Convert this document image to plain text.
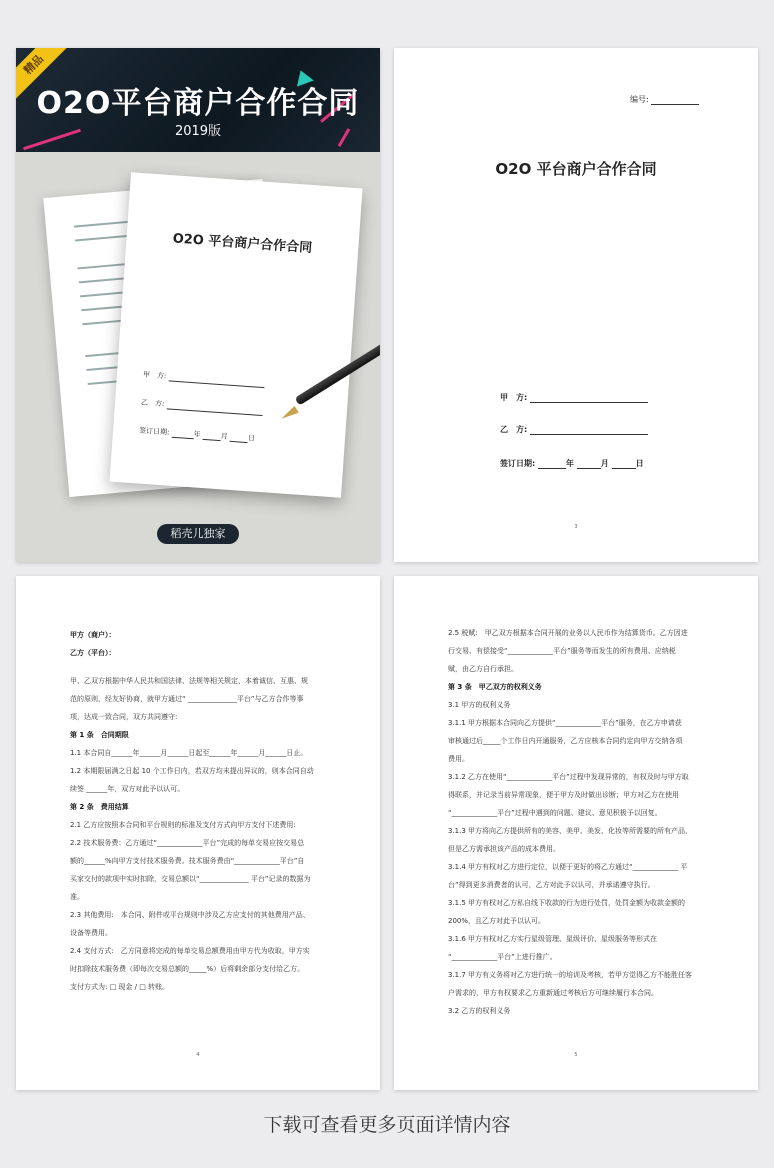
O2O平台商户合作合同
2019版
精品
O2O 平台商户合作合同
甲　方:
乙　方:
签订日期:	年	月	日
稻壳儿独家
编号:
O2O 平台商户合作合同
甲　方:
乙　方:
签订日期:	年	月	日
3

甲方（商户）：

乙方（平台）：

甲、乙双方根据中华人民共和国法律、法规等相关规定，本着诚信、互惠、规

范的原则，经友好协商，就甲方通过“ ______________平台”与乙方合作等事

项，达成一致合同，双方共同遵守:

第 1 条　合同期限

1.1 本合同自______年______月______日起至______年______月______日止。

1.2 本期限届满之日起 10 个工作日内，若双方均未提出异议的，则本合同自动

续签 ______年，双方对此予以认可。

第 2 条　费用结算

2.1 乙方应按照本合同和平台规则的标准及支付方式向甲方支付下述费用:

2.2 技术服务费：乙方通过“_____________平台”完成的每单交易应按交易总

额的______%向甲方支付技术服务费。技术服务费由“_____________平台”自

买家交付的款项中实时扣除，交易总额以“______________ 平台”记录的数据为

准。

2.3 其他费用:　本合同、附件或平台规则中涉及乙方应支付的其他费用产品、

设备等费用。

2.4 支付方式:　乙方同意将完成的每单交易总额费用由甲方代为收取，甲方实

时扣除技术服务费（即每次交易总额的_____%）后将剩余部分支付给乙方。

支付方式为: □ 现金 / □ 转账。

4

2.5 税赋:　甲乙双方根据本合同开展的业务以人民币作为结算货币。乙方因进

行交易、有偿接受“_____________平台”服务等而发生的所有费用、应纳税

赋，由乙方自行承担。

第 3 条　甲乙双方的权利义务

3.1 甲方的权利义务

3.1.1 甲方根据本合同向乙方提供“_____________平台”服务，在乙方申请获

审核通过后_____个工作日内开通服务，乙方应核本合同约定向甲方交纳各项

费用。

3.1.2 乙方在使用“_____________平台”过程中发现异常的，有权及时与甲方取

得联系，并记录当前异常现象，便于甲方及时做出诊断；甲方对乙方在使用

“_____________平台”过程中遇到的问题、建议、意见积极予以回复。

3.1.3 甲方将向乙方提供所有的美容、美甲、美发、化妆等所需要的所有产品，

但是乙方需承担该产品的成本费用。

3.1.4 甲方有权对乙方进行定位，以便于更好的将乙方通过“_____________ 平

台”得到更多消费者的认可，乙方对此予以认可，并承诺遵守执行。

3.1.5 甲方有权对乙方私自线下收款的行为进行处罚，处罚金额为收款金额的

200%，且乙方对此予以认可。

3.1.6 甲方有权对乙方实行星级管理、星级评价、星级服务等形式在

“_____________平台”上进行推广。

3.1.7 甲方有义务将对乙方进行统一的培训及考核，若甲方觉得乙方不能胜任客

户需求的，甲方有权要求乙方重新通过考核后方可继续履行本合同。

3.2 乙方的权利义务

5
下载可查看更多页面详情内容
